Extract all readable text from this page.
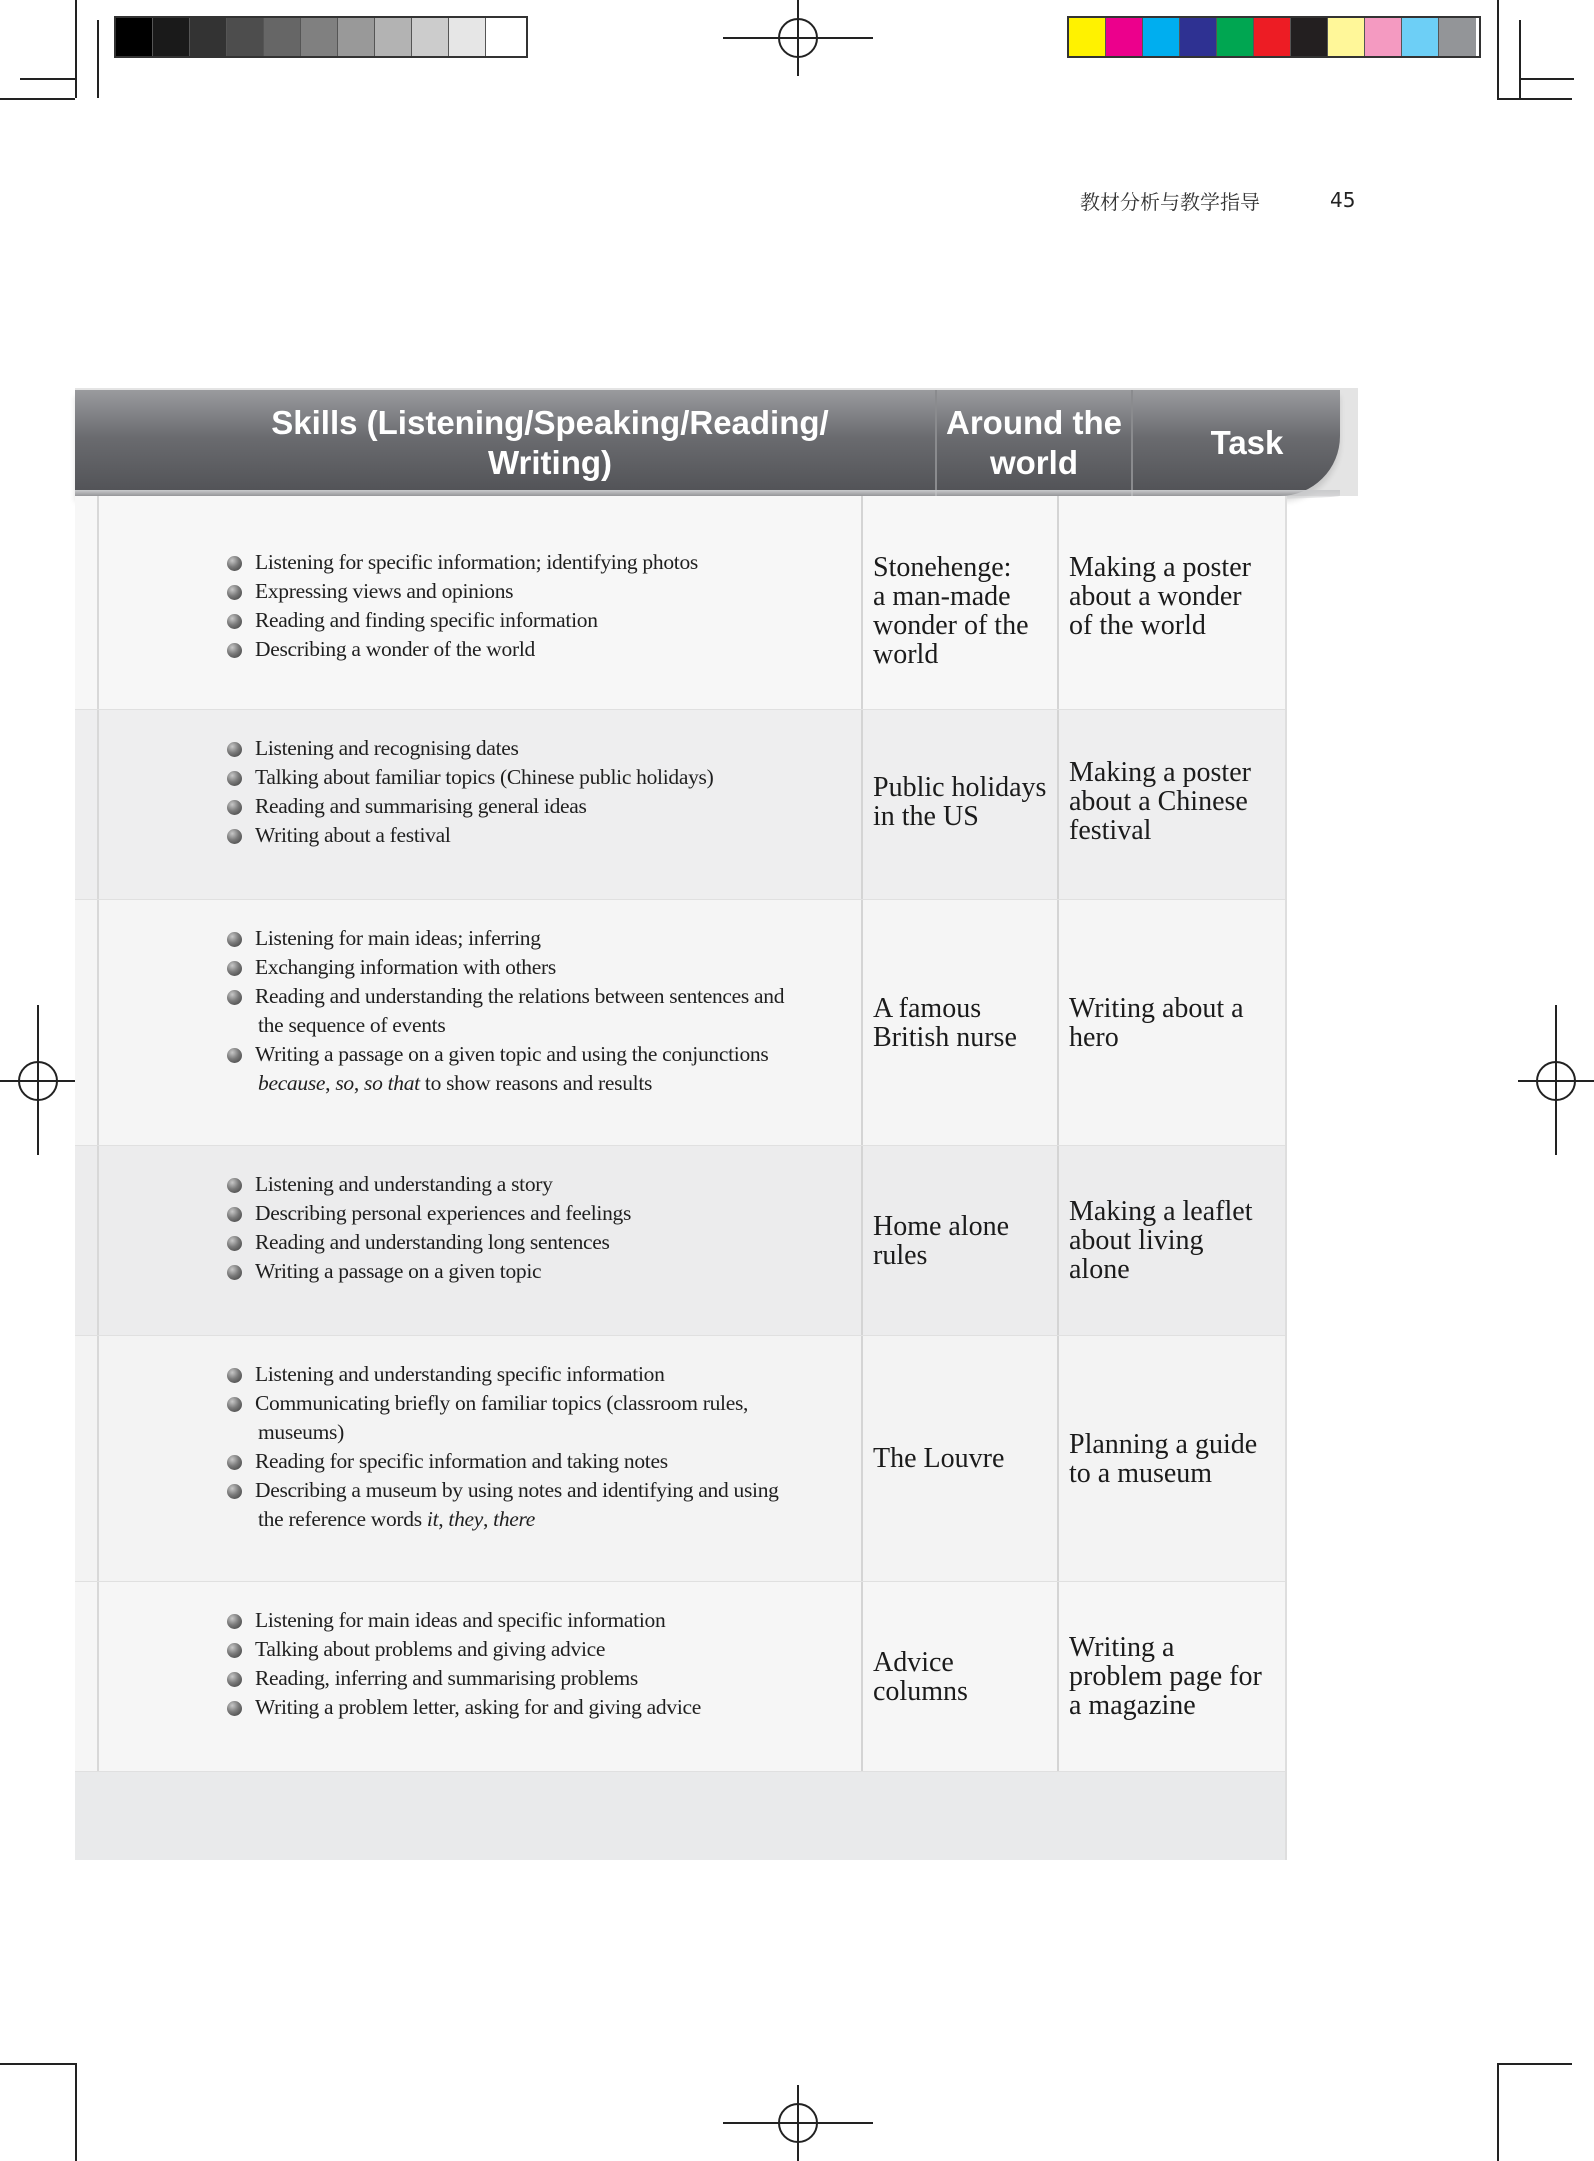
教材分析与教学指导	45
Skills (Listening/Speaking/Reading/
Writing)
Around the
world
Task
Listening for specific information; identifying photos
Expressing views and opinions
Reading and finding specific information
Describing a wonder of the world
Stonehenge:
a man-made
wonder of the
world
Making a poster
about a wonder
of the world
Listening and recognising dates
Talking about familiar topics (Chinese public holidays)
Reading and summarising general ideas
Writing about a festival
Public holidays
in the US
Making a poster
about a Chinese
festival
Listening for main ideas; inferring
Exchanging information with others
Reading and understanding the relations between sentences and
the sequence of events
Writing a passage on a given topic and using the conjunctions
because, so, so that to show reasons and results
A famous
British nurse
Writing about a
hero
Listening and understanding a story
Describing personal experiences and feelings
Reading and understanding long sentences
Writing a passage on a given topic
Home alone
rules
Making a leaflet
about living
alone
Listening and understanding specific information
Communicating briefly on familiar topics (classroom rules,
museums)
Reading for specific information and taking notes
Describing a museum by using notes and identifying and using
the reference words it, they, there
The Louvre Planning a guide
to a museum
Listening for main ideas and specific information
Talking about problems and giving advice
Reading, inferring and summarising problems
Writing a problem letter, asking for and giving advice
Advice
columns
Writing a
problem page for
a magazine
